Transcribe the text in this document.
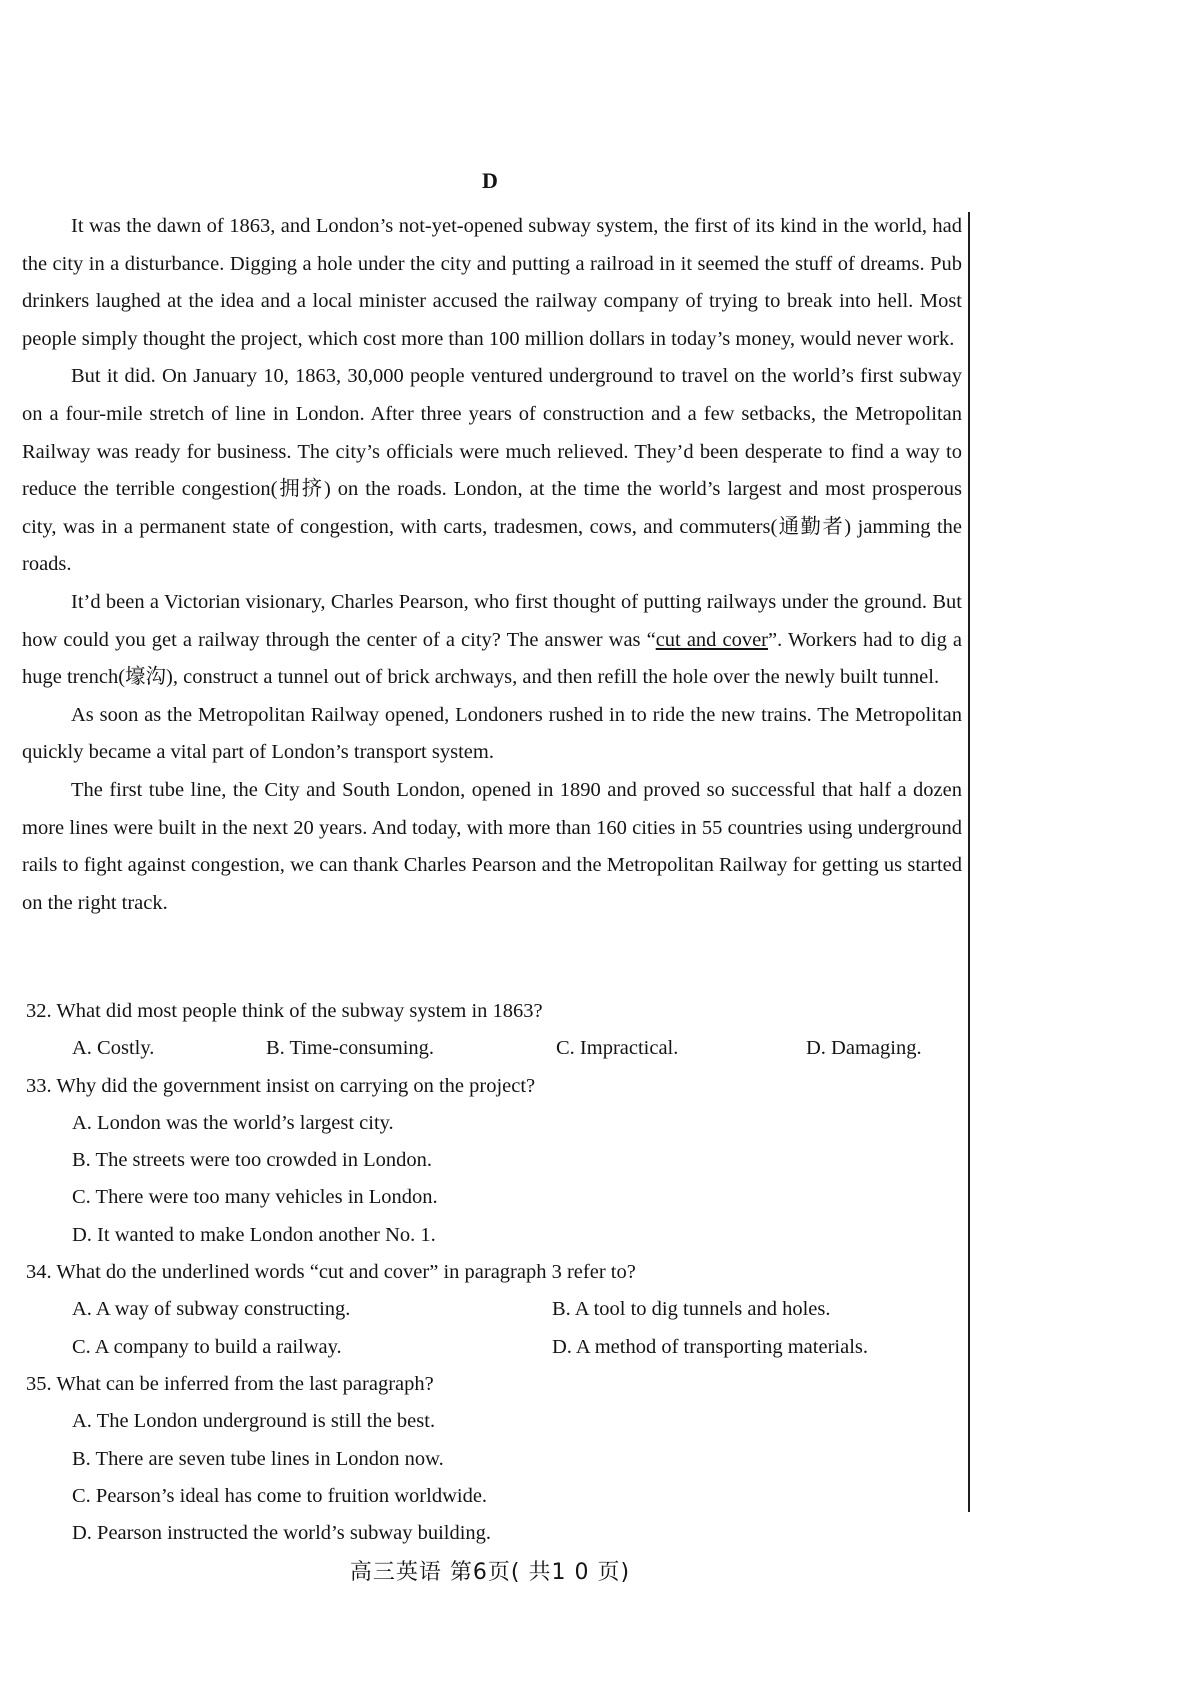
D

It was the dawn of 1863, and London’s not-yet-opened subway system, the first of its kind in the world, had the city in a disturbance. Digging a hole under the city and putting a railroad in it seemed the stuff of dreams. Pub drinkers laughed at the idea and a local minister accused the railway company of trying to break into hell. Most people simply thought the project, which cost more than 100 million dollars in today’s money, would never work.

But it did. On January 10, 1863, 30,000 people ventured underground to travel on the world’s first subway on a four-mile stretch of line in London. After three years of construction and a few setbacks, the Metropolitan Railway was ready for business. The city’s officials were much relieved. They’d been desperate to find a way to reduce the terrible congestion(拥挤) on the roads. London, at the time the world’s largest and most prosperous city, was in a permanent state of congestion, with carts, tradesmen, cows, and commuters(通勤者) jamming the roads.

It’d been a Victorian visionary, Charles Pearson, who first thought of putting railways under the ground. But how could you get a railway through the center of a city? The answer was “cut and cover”. Workers had to dig a huge trench(壕沟), construct a tunnel out of brick archways, and then refill the hole over the newly built tunnel.

As soon as the Metropolitan Railway opened, Londoners rushed in to ride the new trains. The Metropolitan quickly became a vital part of London’s transport system.

The first tube line, the City and South London, opened in 1890 and proved so successful that half a dozen more lines were built in the next 20 years. And today, with more than 160 cities in 55 countries using underground rails to fight against congestion, we can thank Charles Pearson and the Metropolitan Railway for getting us started on the right track.

32. What did most people think of the subway system in 1863?

A. Costly.	B. Time-consuming.	C. Impractical.	D. Damaging.

33. Why did the government insist on carrying on the project?

A. London was the world’s largest city.

B. The streets were too crowded in London.

C. There were too many vehicles in London.

D. It wanted to make London another No. 1.

34. What do the underlined words “cut and cover” in paragraph 3 refer to?

A. A way of subway constructing.	B. A tool to dig tunnels and holes.
C. A company to build a railway.	D. A method of transporting materials.

35. What can be inferred from the last paragraph?

A. The London underground is still the best.

B. There are seven tube lines in London now.

C. Pearson’s ideal has come to fruition worldwide.

D. Pearson instructed the world’s subway building.

高三英语 第6页( 共1 0 页)
